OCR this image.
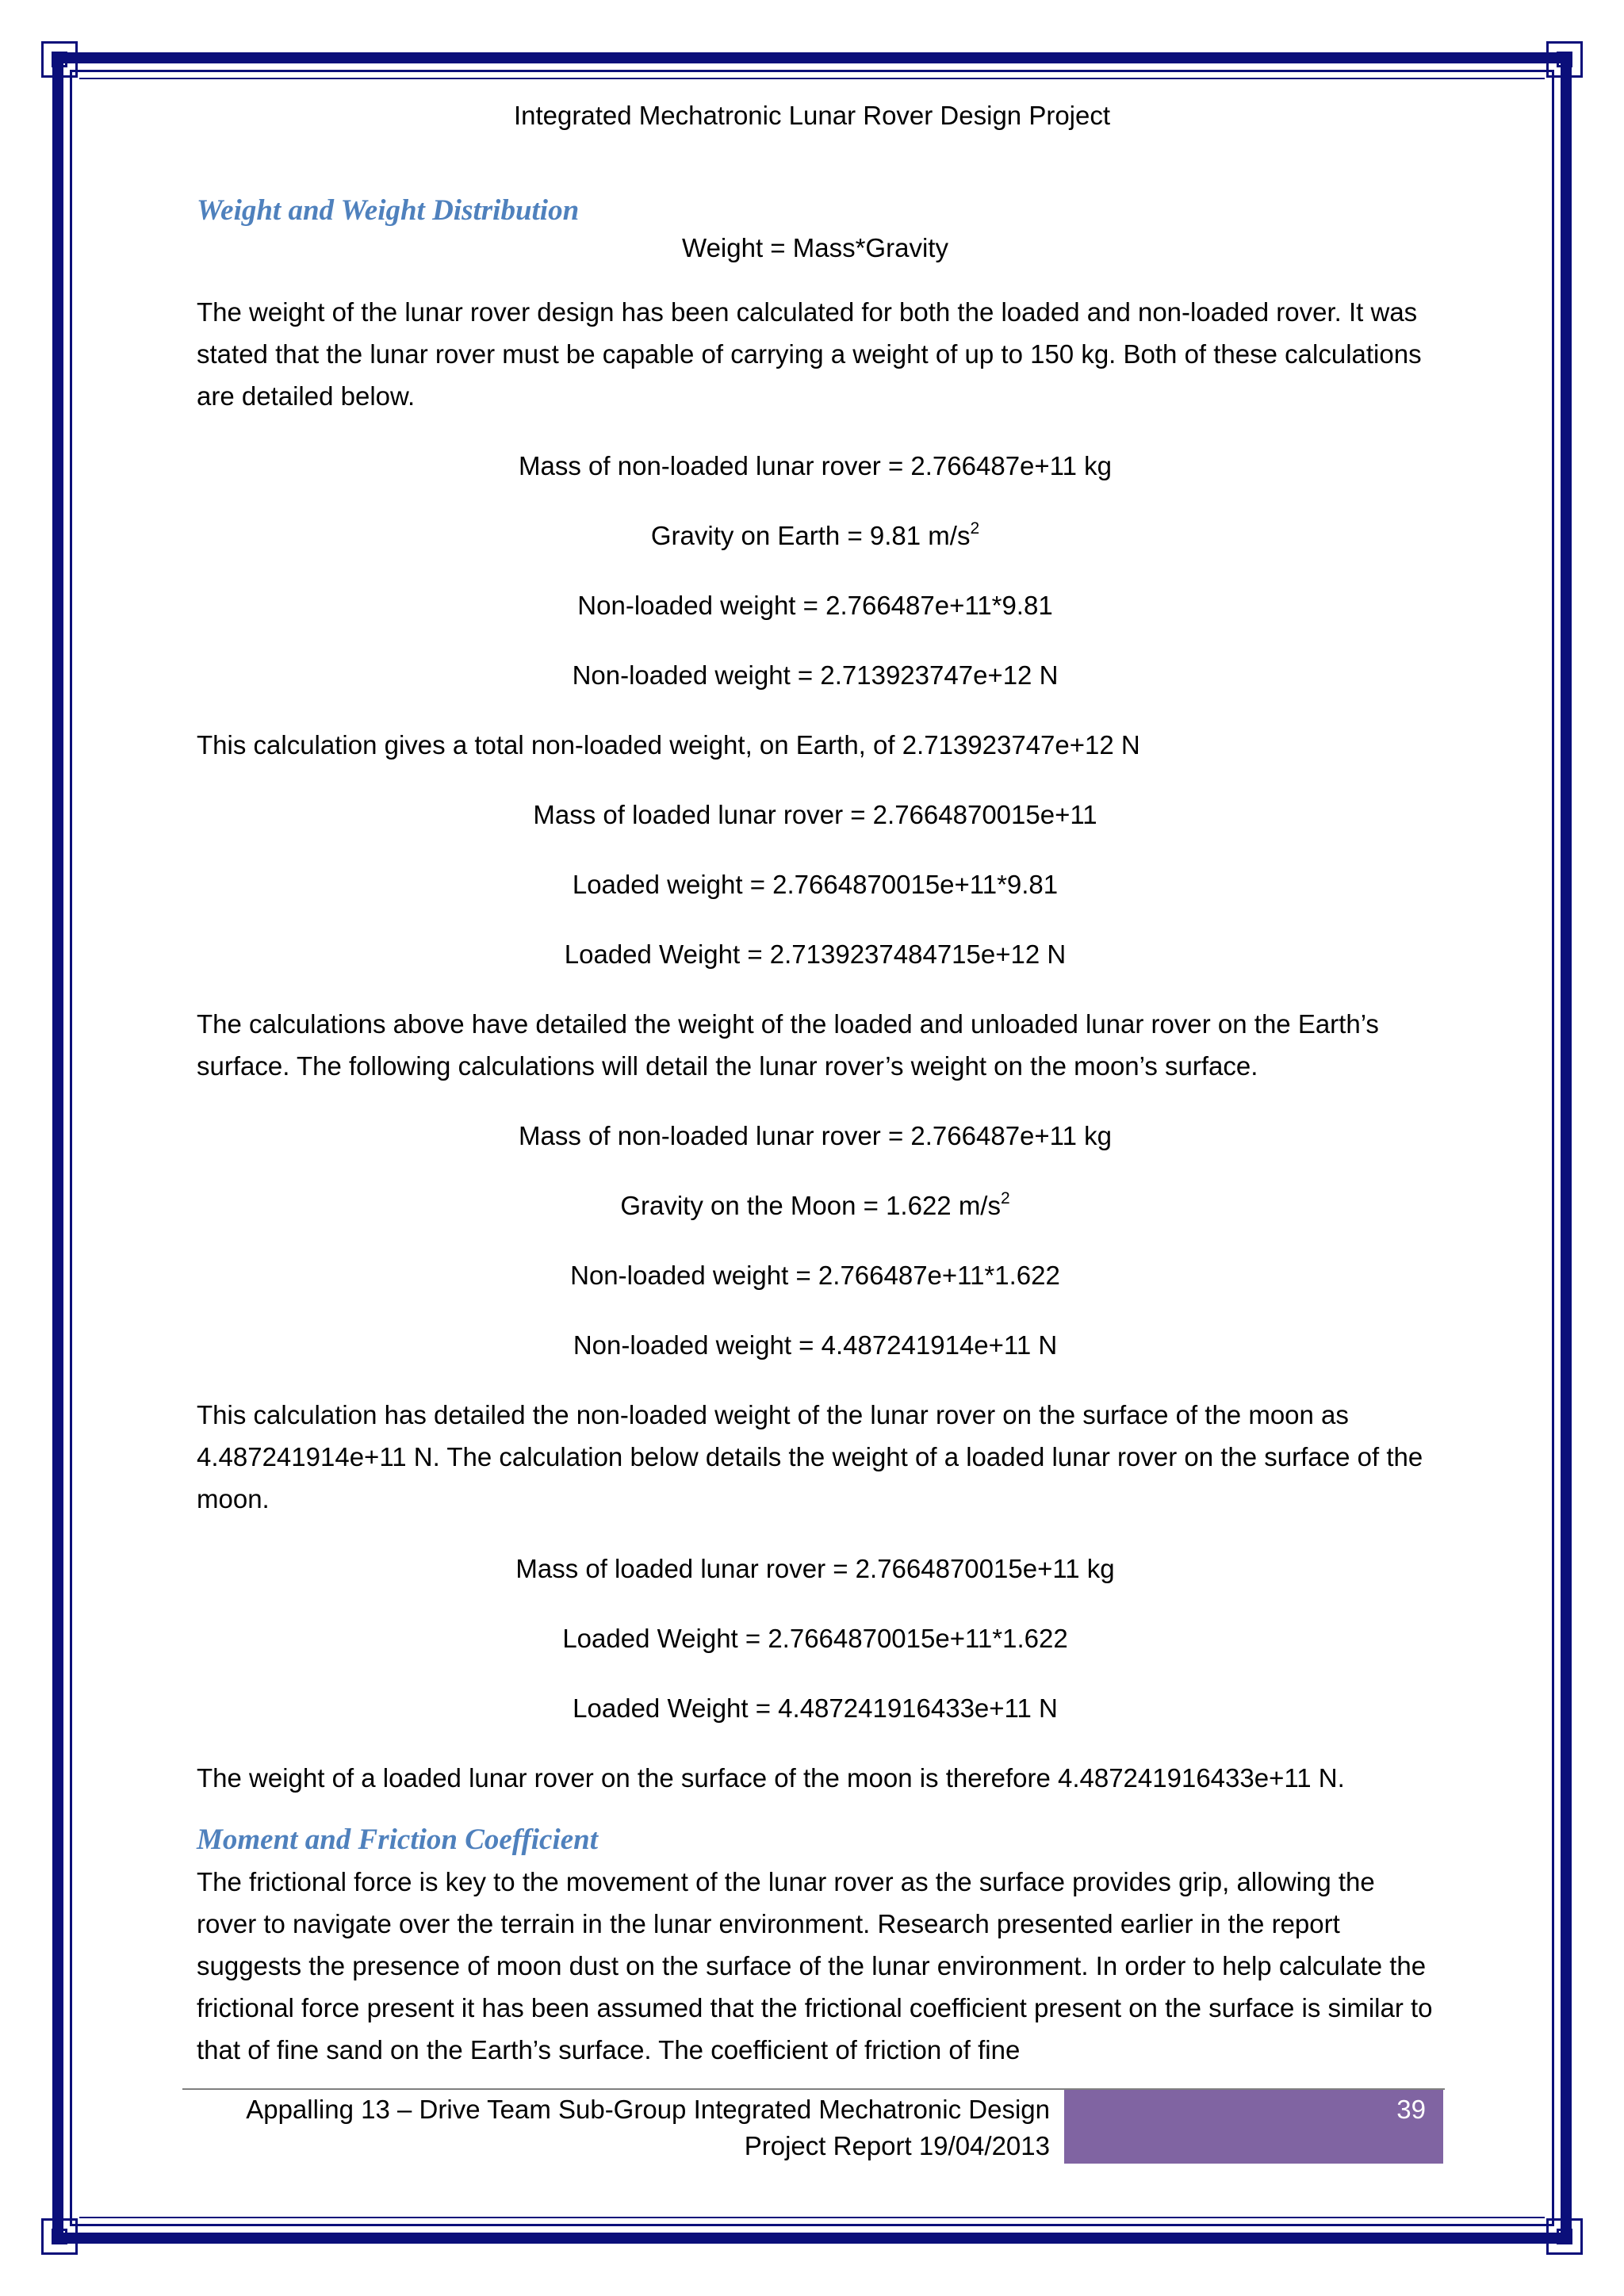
Integrated Mechatronic Lunar Rover Design Project
Weight and Weight Distribution

Weight = Mass*Gravity

The weight of the lunar rover design has been calculated for both the loaded and non-loaded rover. It was stated that the lunar rover must be capable of carrying a weight of up to 150 kg. Both of these calculations are detailed below.

Mass of non-loaded lunar rover = 2.766487e+11 kg

Gravity on Earth = 9.81 $m/s^2$

Non-loaded weight = 2.766487e+11*9.81

Non-loaded weight = 2.713923747e+12 N

This calculation gives a total non-loaded weight, on Earth, of 2.713923747e+12 N

Mass of loaded lunar rover = 2.7664870015e+11

Loaded weight = 2.7664870015e+11*9.81

Loaded Weight = 2.7139237484715e+12 N

The calculations above have detailed the weight of the loaded and unloaded lunar rover on the Earth’s surface. The following calculations will detail the lunar rover’s weight on the moon’s surface.

Mass of non-loaded lunar rover = 2.766487e+11 kg

Gravity on the Moon = 1.622 $m/s^2$

Non-loaded weight = 2.766487e+11*1.622

Non-loaded weight = 4.487241914e+11 N

This calculation has detailed the non-loaded weight of the lunar rover on the surface of the moon as 4.487241914e+11 N. The calculation below details the weight of a loaded lunar rover on the surface of the moon.

Mass of loaded lunar rover = 2.7664870015e+11 kg

Loaded Weight = 2.7664870015e+11*1.622

Loaded Weight = 4.487241916433e+11 N

The weight of a loaded lunar rover on the surface of the moon is therefore 4.487241916433e+11 N.

Moment and Friction Coefficient

The frictional force is key to the movement of the lunar rover as the surface provides grip, allowing the rover to navigate over the terrain in the lunar environment. Research presented earlier in the report suggests the presence of moon dust on the surface of the lunar environment. In order to help calculate the frictional force present it has been assumed that the frictional coefficient present on the surface is similar to that of fine sand on the Earth’s surface. The coefficient of friction of fine

Appalling 13 – Drive Team Sub-Group Integrated Mechatronic Design
Project Report 19/04/2013
39
